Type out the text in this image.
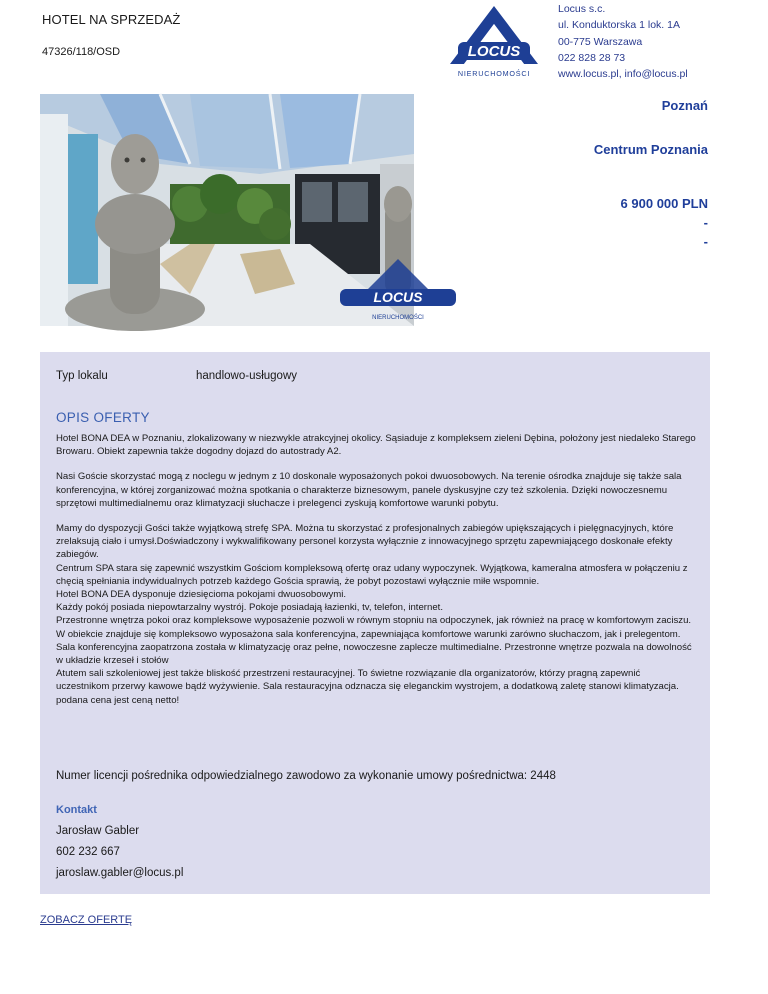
HOTEL NA SPRZEDAŻ
47326/118/OSD	LOCUS
NIERUCHOMOŚCI
Locus s.c.
ul. Konduktorska 1 lok. 1A
00-775 Warszawa
022 828 28 73
www.locus.pl, info@locus.pl
NIERUCHOMOŚCI
LOCUS
Poznań
Centrum Poznania
6 900 000 PLN
-
-
Typ lokalu	handlowo-usługowy
OPIS OFERTY

Hotel BONA DEA w Poznaniu, zlokalizowany w niezwykle atrakcyjnej okolicy. Sąsiaduje z kompleksem zieleni Dębina, położony jest niedaleko Starego Browaru. Obiekt zapewnia także dogodny dojazd do autostrady A2.

Nasi Goście skorzystać mogą z noclegu w jednym z 10 doskonale wyposażonych pokoi dwuosobowych. Na terenie ośrodka znajduje się także sala konferencyjna, w której zorganizować można spotkania o charakterze biznesowym, panele dyskusyjne czy też szkolenia. Dzięki nowoczesnemu sprzętowi multimedialnemu oraz klimatyzacji słuchacze i prelegenci zyskują komfortowe warunki pobytu.

Mamy do dyspozycji Gości także wyjątkową strefę SPA. Można tu skorzystać z profesjonalnych zabiegów upiększających i pielęgnacyjnych, które zrelaksują ciało i umysł.Doświadczony i wykwalifikowany personel korzysta wyłącznie z innowacyjnego sprzętu zapewniającego doskonałe efekty zabiegów.

Centrum SPA stara się zapewnić wszystkim Gościom kompleksową ofertę oraz udany wypoczynek. Wyjątkowa, kameralna atmosfera w połączeniu z chęcią spełniania indywidualnych potrzeb każdego Gościa sprawią, że pobyt pozostawi wyłącznie miłe wspomnie.

Hotel BONA DEA dysponuje dziesięcioma pokojami dwuosobowymi.

Każdy pokój posiada niepowtarzalny wystrój. Pokoje posiadają łazienki, tv, telefon, internet.

Przestronne wnętrza pokoi oraz kompleksowe wyposażenie pozwoli w równym stopniu na odpoczynek, jak również na pracę w komfortowym zaciszu.

W obiekcie znajduje się kompleksowo wyposażona sala konferencyjna, zapewniająca komfortowe warunki zarówno słuchaczom, jak i prelegentom.

Sala konferencyjna zaopatrzona została w klimatyzację oraz pełne, nowoczesne zaplecze multimedialne. Przestronne wnętrze pozwala na dowolność w układzie krzeseł i stołów

Atutem sali szkoleniowej jest także bliskość przestrzeni restauracyjnej. To świetne rozwiązanie dla organizatorów, którzy pragną zapewnić uczestnikom przerwy kawowe bądź wyżywienie. Sala restauracyjna odznacza się eleganckim wystrojem, a dodatkową zaletę stanowi klimatyzacja.

podana cena jest ceną netto!

Numer licencji pośrednika odpowiedzialnego zawodowo za wykonanie umowy pośrednictwa: 2448
Kontakt
Jarosław Gabler
602 232 667
jaroslaw.gabler@locus.pl
ZOBACZ OFERTĘ
